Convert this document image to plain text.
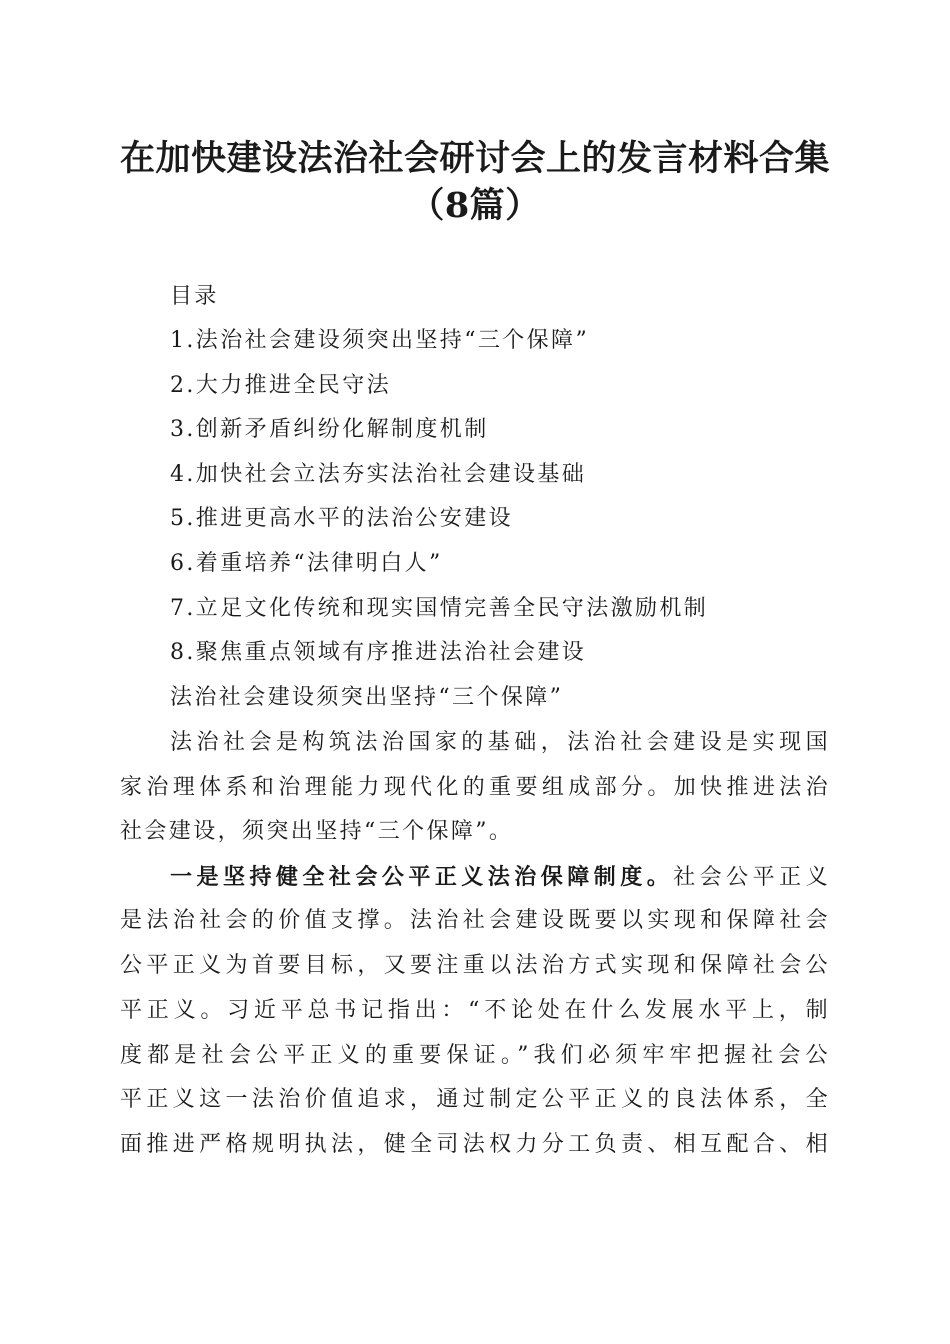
在加快建设法治社会研讨会上的发言材料合集
（8篇）
目录
1.法治社会建设须突出坚持“三个保障”
2.大力推进全民守法
3.创新矛盾纠纷化解制度机制
4.加快社会立法夯实法治社会建设基础
5.推进更高水平的法治公安建设
6.着重培养“法律明白人”
7.立足文化传统和现实国情完善全民守法激励机制
8.聚焦重点领域有序推进法治社会建设
法治社会建设须突出坚持“三个保障”
法治社会是构筑法治国家的基础，法治社会建设是实现国
家治理体系和治理能力现代化的重要组成部分。加快推进法治
社会建设，须突出坚持“三个保障”。
一是坚持健全社会公平正义法治保障制度。社会公平正义
是法治社会的价值支撑。法治社会建设既要以实现和保障社会
公平正义为首要目标，又要注重以法治方式实现和保障社会公
平正义。习近平总书记指出：“不论处在什么发展水平上，制
度都是社会公平正义的重要保证。”我们必须牢牢把握社会公
平正义这一法治价值追求，通过制定公平正义的良法体系，全
面推进严格规明执法，健全司法权力分工负责、相互配合、相
